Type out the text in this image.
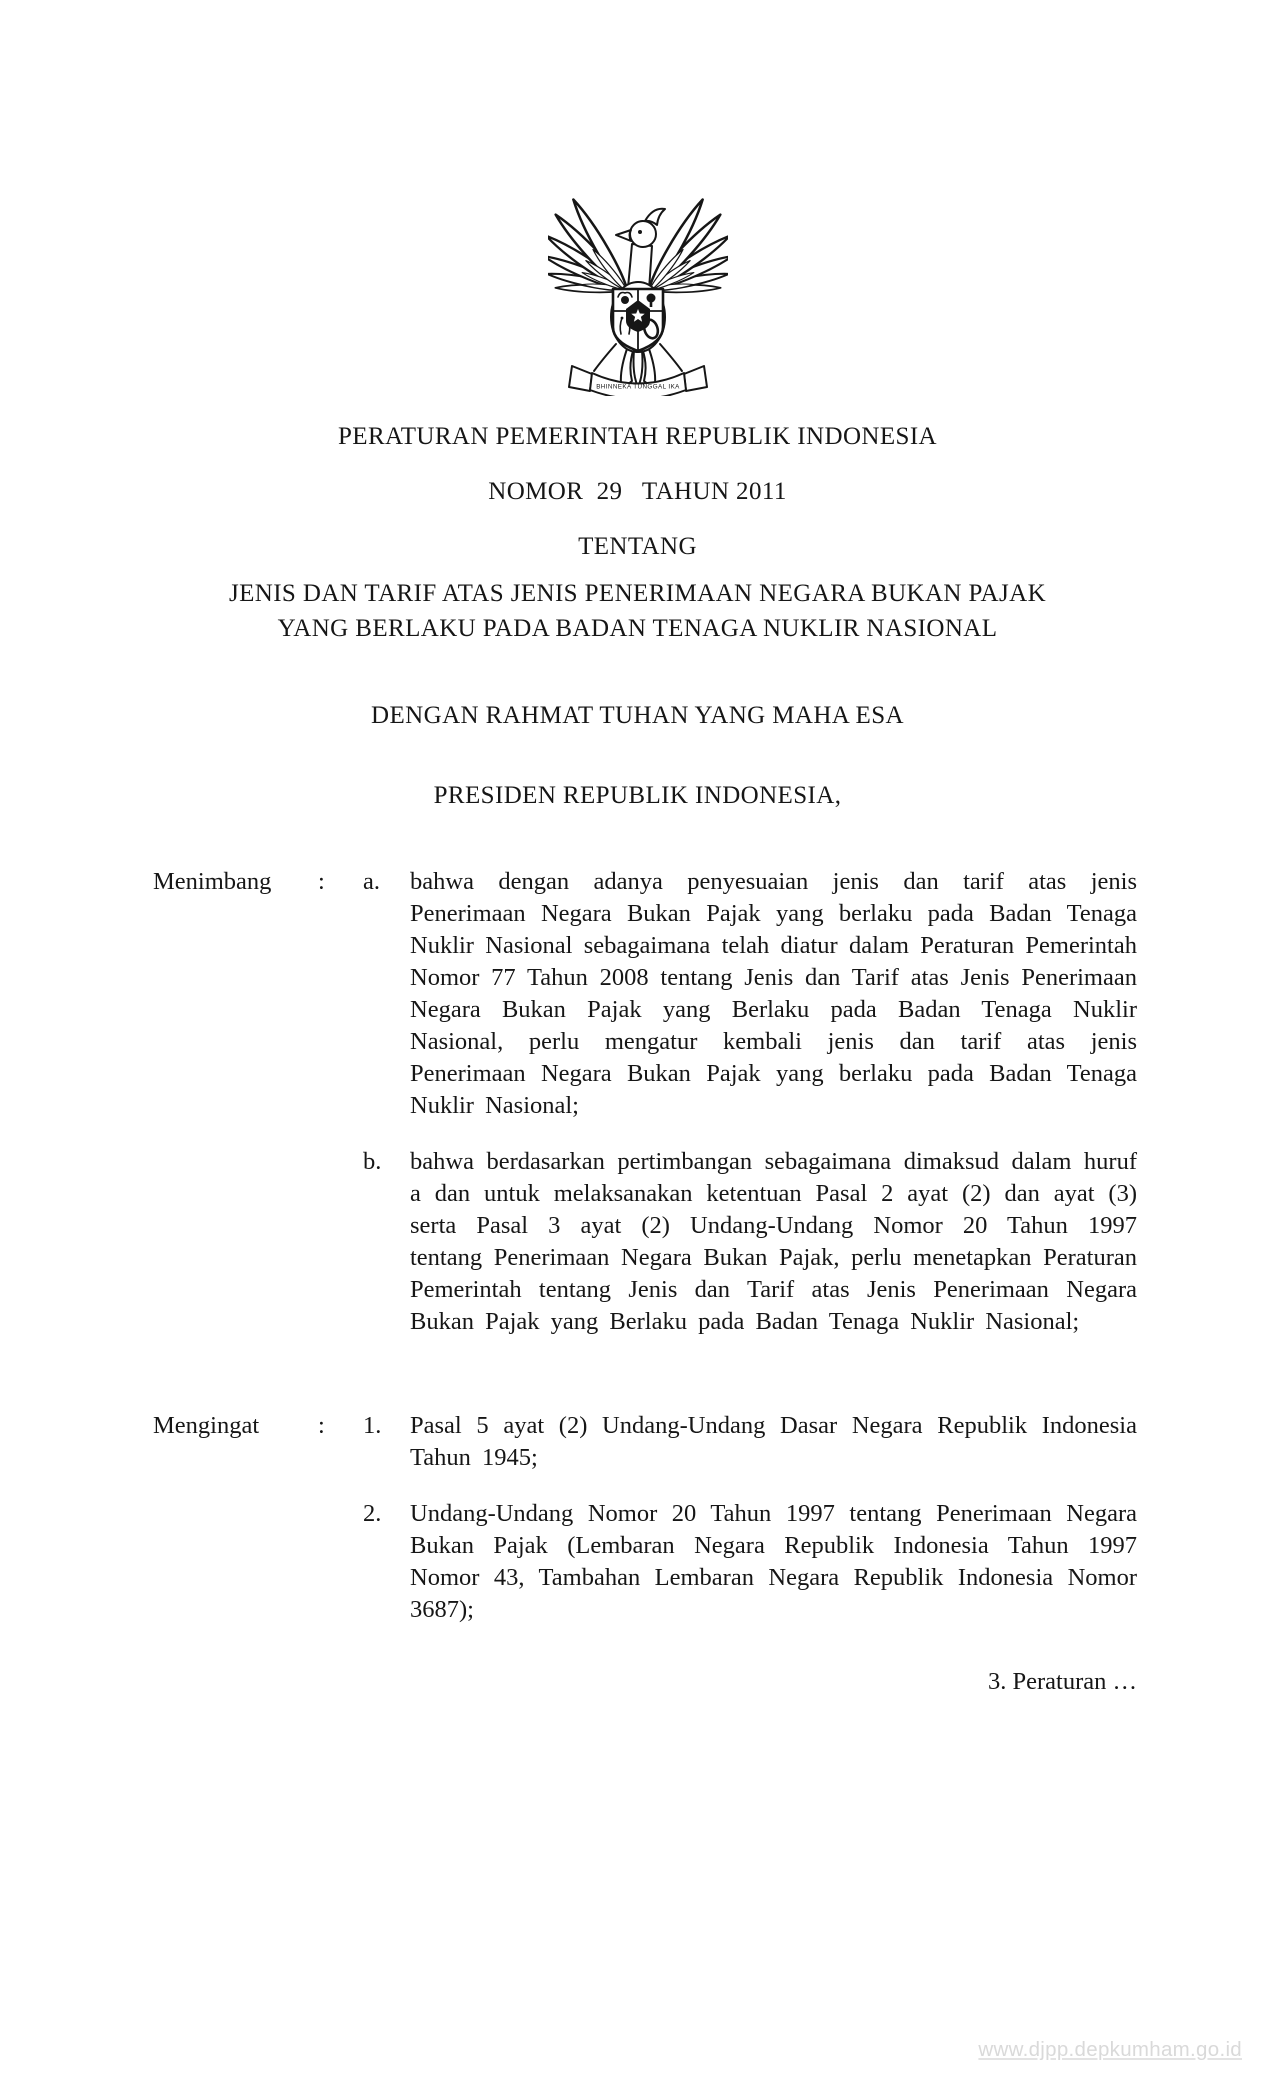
BHINNEKA TUNGGAL IKA
PERATURAN PEMERINTAH REPUBLIK INDONESIA
NOMOR  29   TAHUN 2011
TENTANG
JENIS DAN TARIF ATAS JENIS PENERIMAAN NEGARA BUKAN PAJAK
YANG BERLAKU PADA BADAN TENAGA NUKLIR NASIONAL
DENGAN RAHMAT TUHAN YANG MAHA ESA
PRESIDEN REPUBLIK INDONESIA,
Menimbang	:	a.	bahwa dengan adanya penyesuaian jenis dan tarif atas jenis Penerimaan Negara Bukan Pajak yang berlaku pada Badan Tenaga Nuklir Nasional sebagaimana telah diatur dalam Peraturan Pemerintah Nomor 77 Tahun 2008 tentang Jenis dan Tarif atas Jenis Penerimaan Negara Bukan Pajak yang Berlaku pada Badan Tenaga Nuklir Nasional, perlu mengatur kembali jenis dan tarif atas jenis Penerimaan Negara Bukan Pajak yang berlaku pada Badan Tenaga Nuklir Nasional;
b.	bahwa berdasarkan pertimbangan sebagaimana dimaksud dalam huruf a dan untuk melaksanakan ketentuan Pasal 2 ayat (2) dan ayat (3) serta Pasal 3 ayat (2) Undang-Undang Nomor 20 Tahun 1997 tentang Penerimaan Negara Bukan Pajak, perlu menetapkan Peraturan Pemerintah tentang Jenis dan Tarif atas Jenis Penerimaan Negara Bukan Pajak yang Berlaku pada Badan Tenaga Nuklir Nasional;
Mengingat	:	1.	Pasal 5 ayat (2) Undang-Undang Dasar Negara Republik Indonesia Tahun 1945;
2.	Undang-Undang Nomor 20 Tahun 1997 tentang Penerimaan Negara Bukan Pajak (Lembaran Negara Republik Indonesia Tahun 1997 Nomor 43, Tambahan Lembaran Negara Republik Indonesia Nomor 3687);
3. Peraturan …
www.djpp.depkumham.go.id
